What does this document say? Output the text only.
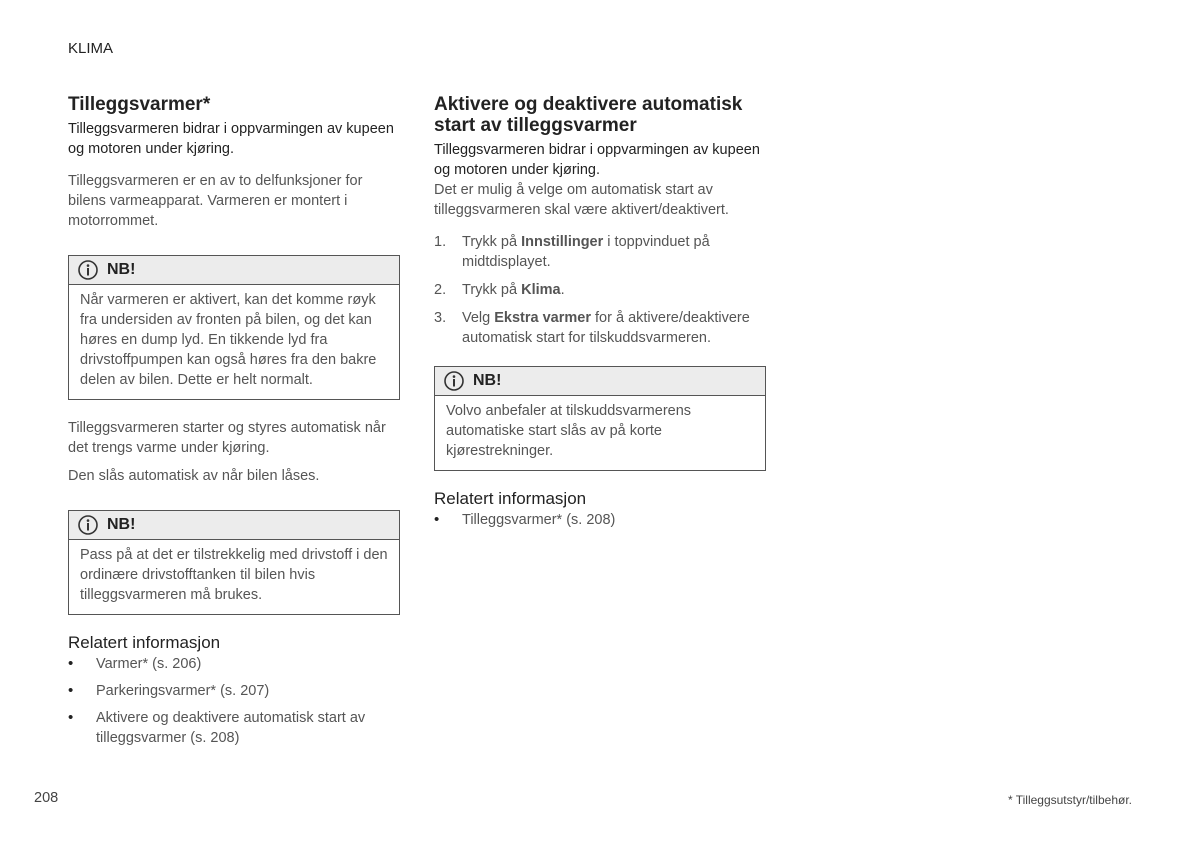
KLIMA
Tilleggsvarmer*

Tilleggsvarmeren bidrar i oppvarmingen av kupeen og motoren under kjøring.

Tilleggsvarmeren er en av to delfunksjoner for bilens varmeapparat. Varmeren er montert i motorrommet.

NB!
Når varmeren er aktivert, kan det komme røyk fra undersiden av fronten på bilen, og det kan høres en dump lyd. En tikkende lyd fra drivstoffpumpen kan også høres fra den bakre delen av bilen. Dette er helt normalt.

Tilleggsvarmeren starter og styres automatisk når det trengs varme under kjøring.

Den slås automatisk av når bilen låses.

NB!
Pass på at det er tilstrekkelig med drivstoff i den ordinære drivstofftanken til bilen hvis tilleggsvarmeren må brukes.
Relatert informasjon
• Varmer* (s. 206)
• Parkeringsvarmer* (s. 207)
• Aktivere og deaktivere automatisk start av tilleggsvarmer (s. 208)
Aktivere og deaktivere automatisk start av tilleggsvarmer

Tilleggsvarmeren bidrar i oppvarmingen av kupeen og motoren under kjøring.

Det er mulig å velge om automatisk start av tilleggsvarmeren skal være aktivert/deaktivert.

1. Trykk på Innstillinger i toppvinduet på midtdisplayet.
2. Trykk på Klima.
3. Velg Ekstra varmer for å aktivere/deaktivere automatisk start for tilskuddsvarmeren.
NB!
Volvo anbefaler at tilskuddsvarmerens automatiske start slås av på korte kjørestrekninger.
Relatert informasjon
• Tilleggsvarmer* (s. 208)
208	* Tilleggsutstyr/tilbehør.
